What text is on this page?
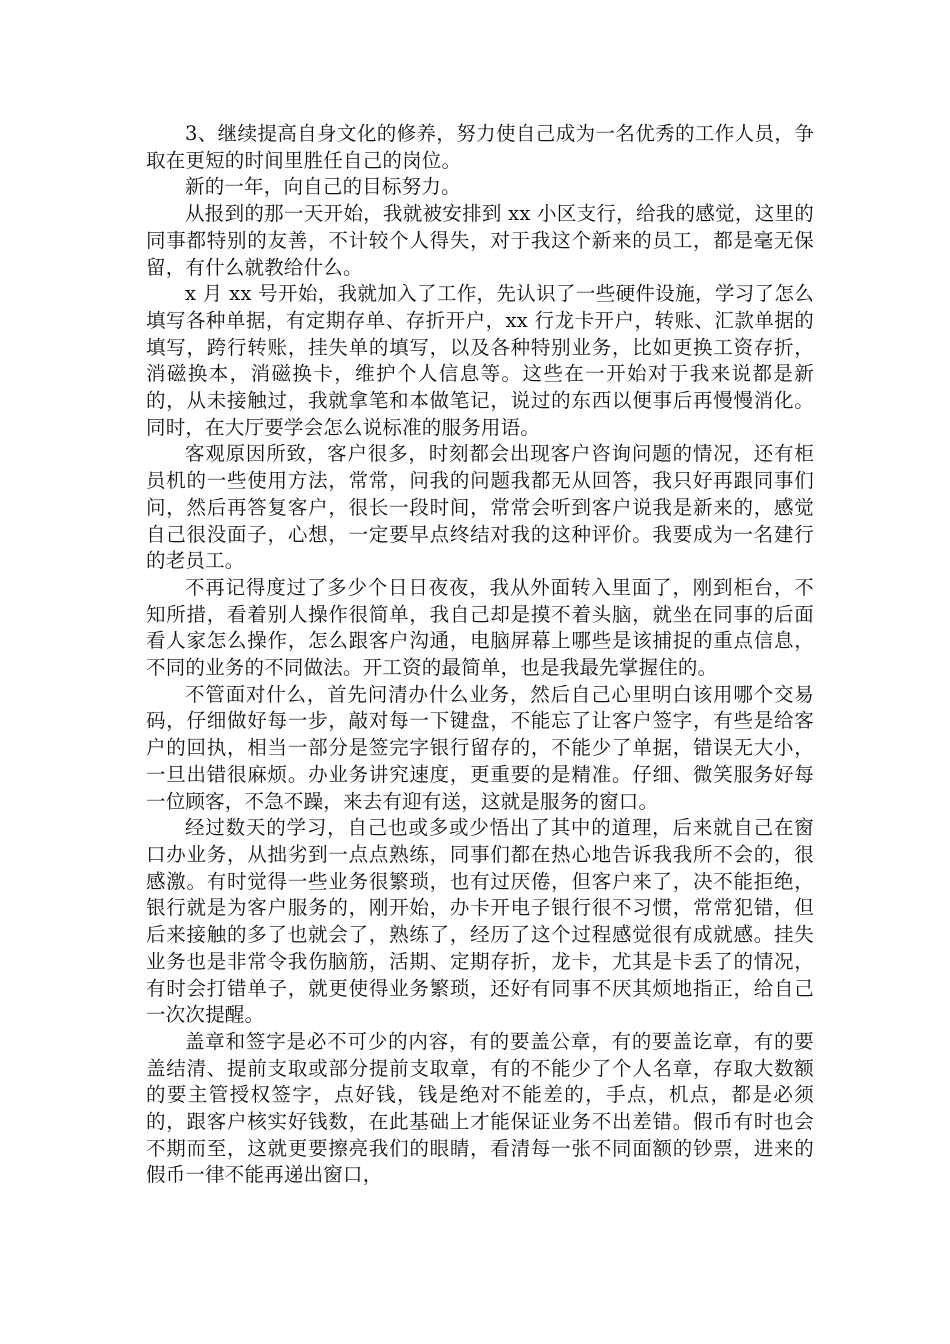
3、继续提高自身文化的修养，努力使自己成为一名优秀的工作人员，争取在更短的时间里胜任自己的岗位。

新的一年，向自己的目标努力。

从报到的那一天开始，我就被安排到 xx 小区支行，给我的感觉，这里的同事都特别的友善，不计较个人得失，对于我这个新来的员工，都是毫无保留，有什么就教给什么。

x 月 xx 号开始，我就加入了工作，先认识了一些硬件设施，学习了怎么填写各种单据，有定期存单、存折开户，xx 行龙卡开户，转账、汇款单据的填写，跨行转账，挂失单的填写，以及各种特别业务，比如更换工资存折，消磁换本，消磁换卡，维护个人信息等。这些在一开始对于我来说都是新的，从未接触过，我就拿笔和本做笔记，说过的东西以便事后再慢慢消化。同时，在大厅要学会怎么说标准的服务用语。

客观原因所致，客户很多，时刻都会出现客户咨询问题的情况，还有柜员机的一些使用方法，常常，问我的问题我都无从回答，我只好再跟同事们问，然后再答复客户，很长一段时间，常常会听到客户说我是新来的，感觉自己很没面子，心想，一定要早点终结对我的这种评价。我要成为一名建行的老员工。

不再记得度过了多少个日日夜夜，我从外面转入里面了，刚到柜台，不知所措，看着别人操作很简单，我自己却是摸不着头脑，就坐在同事的后面看人家怎么操作，怎么跟客户沟通，电脑屏幕上哪些是该捕捉的重点信息，不同的业务的不同做法。开工资的最简单，也是我最先掌握住的。

不管面对什么，首先问清办什么业务，然后自己心里明白该用哪个交易码，仔细做好每一步，敲对每一下键盘，不能忘了让客户签字，有些是给客户的回执，相当一部分是签完字银行留存的，不能少了单据，错误无大小，一旦出错很麻烦。办业务讲究速度，更重要的是精准。仔细、微笑服务好每一位顾客，不急不躁，来去有迎有送，这就是服务的窗口。

经过数天的学习，自己也或多或少悟出了其中的道理，后来就自己在窗口办业务，从拙劣到一点点熟练，同事们都在热心地告诉我我所不会的，很感激。有时觉得一些业务很繁琐，也有过厌倦，但客户来了，决不能拒绝，银行就是为客户服务的，刚开始，办卡开电子银行很不习惯，常常犯错，但后来接触的多了也就会了，熟练了，经历了这个过程感觉很有成就感。挂失业务也是非常令我伤脑筋，活期、定期存折，龙卡，尤其是卡丢了的情况，有时会打错单子，就更使得业务繁琐，还好有同事不厌其烦地指正，给自己一次次提醒。

盖章和签字是必不可少的内容，有的要盖公章，有的要盖讫章，有的要盖结清、提前支取或部分提前支取章，有的不能少了个人名章，存取大数额的要主管授权签字，点好钱，钱是绝对不能差的，手点，机点，都是必须的，跟客户核实好钱数，在此基础上才能保证业务不出差错。假币有时也会不期而至，这就更要擦亮我们的眼睛，看清每一张不同面额的钞票，进来的假币一律不能再递出窗口，
